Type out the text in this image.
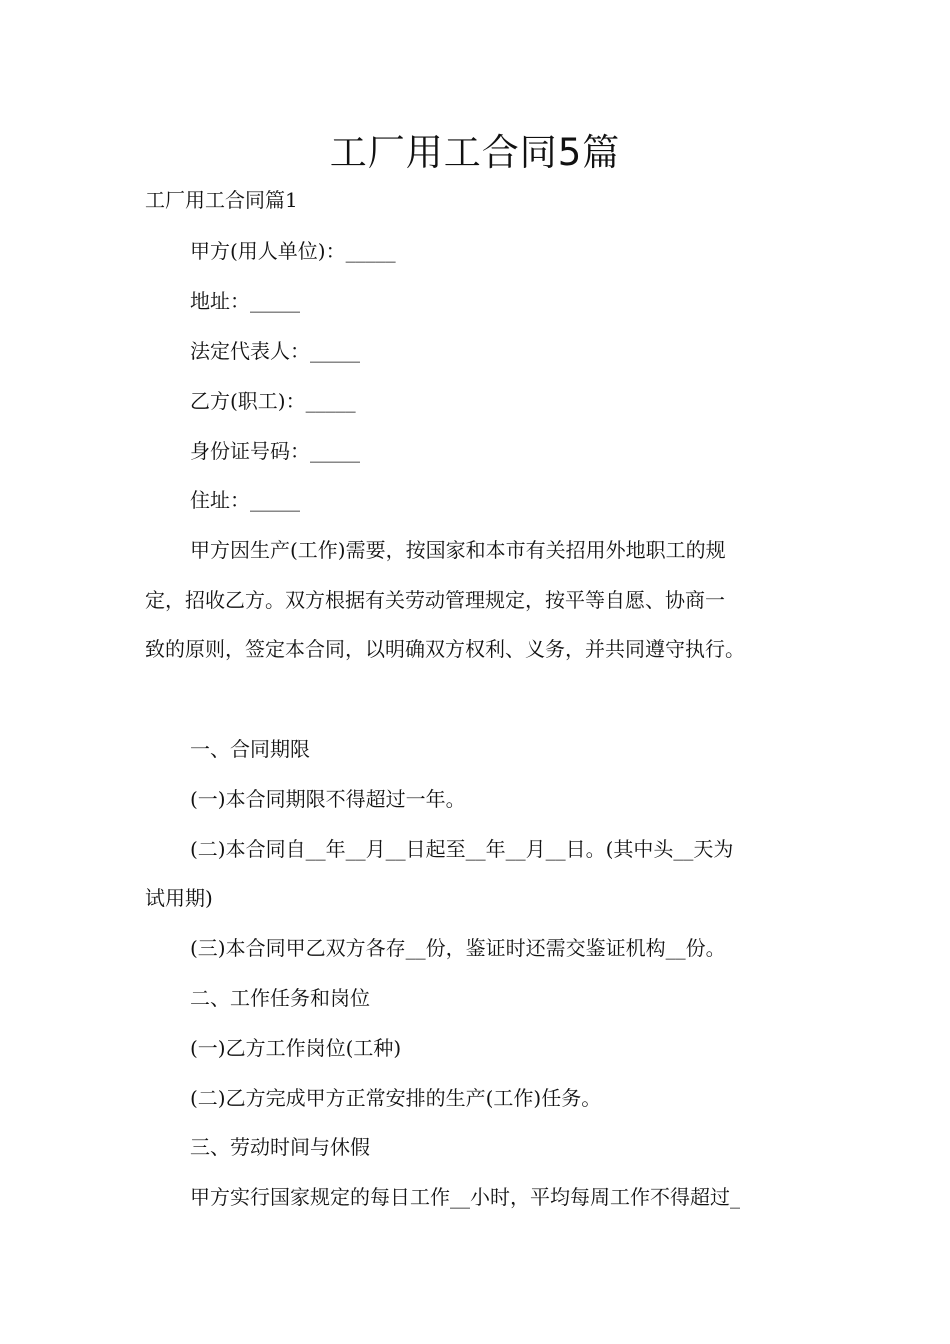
工厂用工合同5篇

工厂用工合同篇1

甲方(用人单位)：_____

地址：_____

法定代表人：_____

乙方(职工)：_____

身份证号码：_____

住址：_____

甲方因生产(工作)需要，按国家和本市有关招用外地职工的规

定，招收乙方。双方根据有关劳动管理规定，按平等自愿、协商一

致的原则，签定本合同，以明确双方权利、义务，并共同遵守执行。

一、合同期限

(一)本合同期限不得超过一年。

(二)本合同自__年__月__日起至__年__月__日。(其中头__天为

试用期)

(三)本合同甲乙双方各存__份，鉴证时还需交鉴证机构__份。

二、工作任务和岗位

(一)乙方工作岗位(工种)

(二)乙方完成甲方正常安排的生产(工作)任务。

三、劳动时间与休假

甲方实行国家规定的每日工作__小时，平均每周工作不得超过_
